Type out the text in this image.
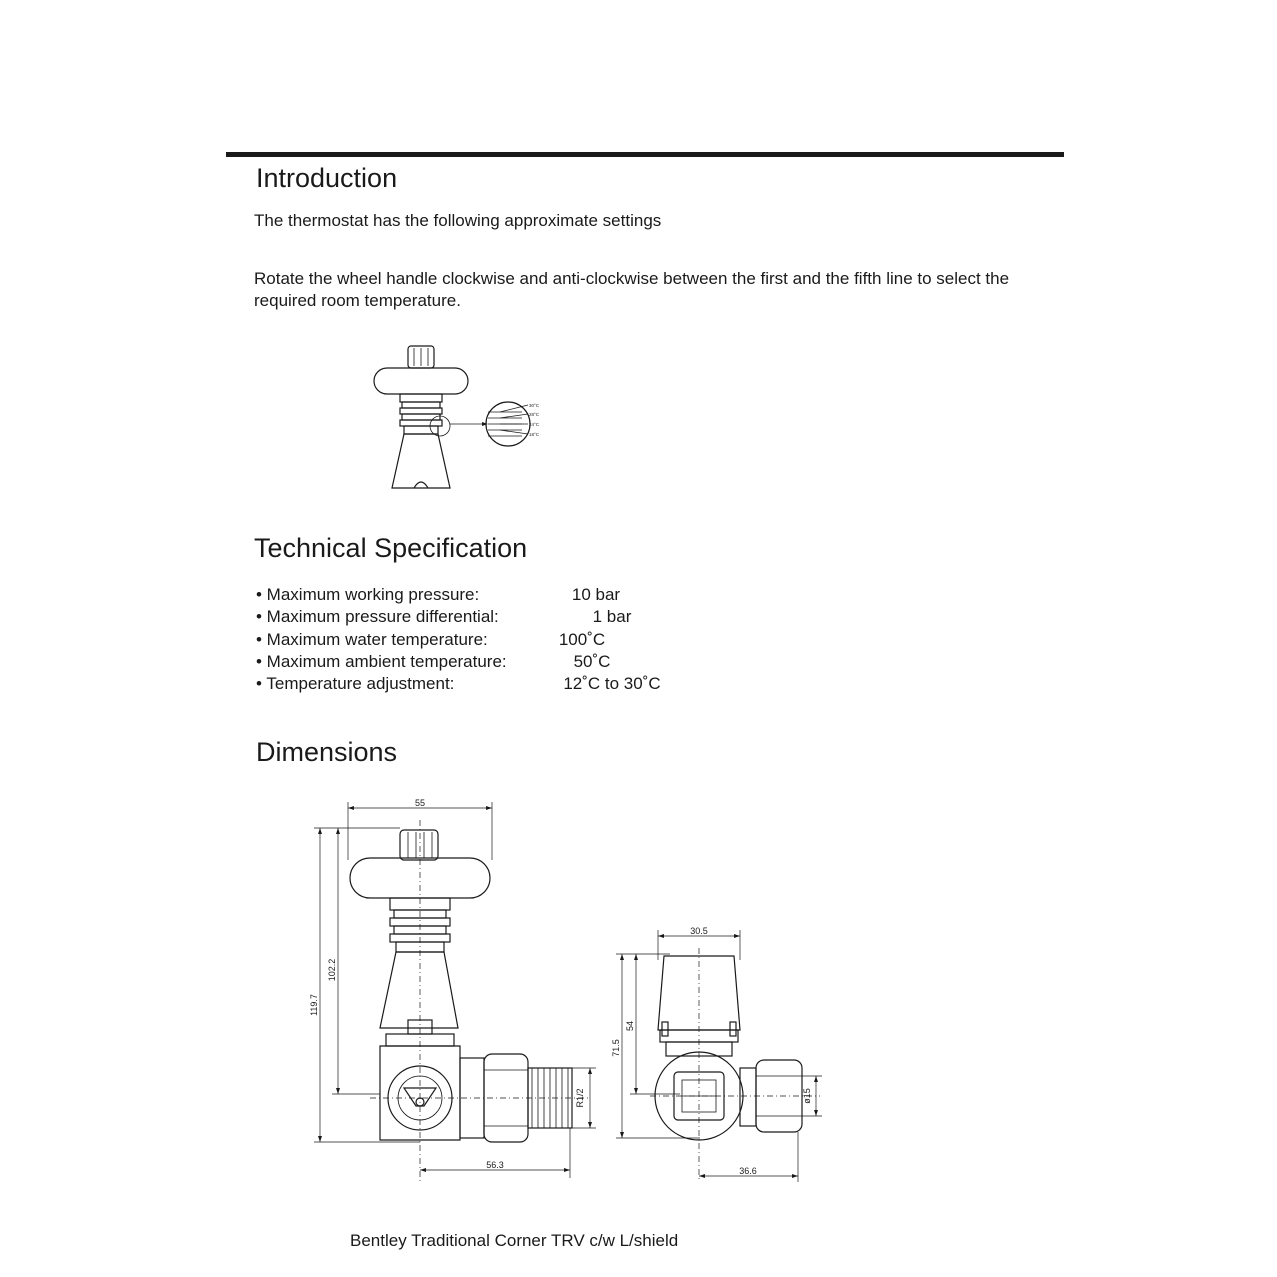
Introduction

The thermostat has the following approximate settings

Rotate the wheel handle clockwise and anti-clockwise between the first and the fifth line to select the required room temperature.

30°C
28°C
24°C
18°C
Technical Specification
• Maximum working pressure:	10 bar
• Maximum pressure differential:	1 bar
• Maximum water temperature:	100˚C
• Maximum ambient temperature:	50˚C
• Temperature adjustment:	12˚C to 30˚C
Dimensions
55
119.7
102.2
R1/2
56.3
30.5
71.5
54
ø15
36.6
Bentley Traditional Corner TRV c/w L/shield
